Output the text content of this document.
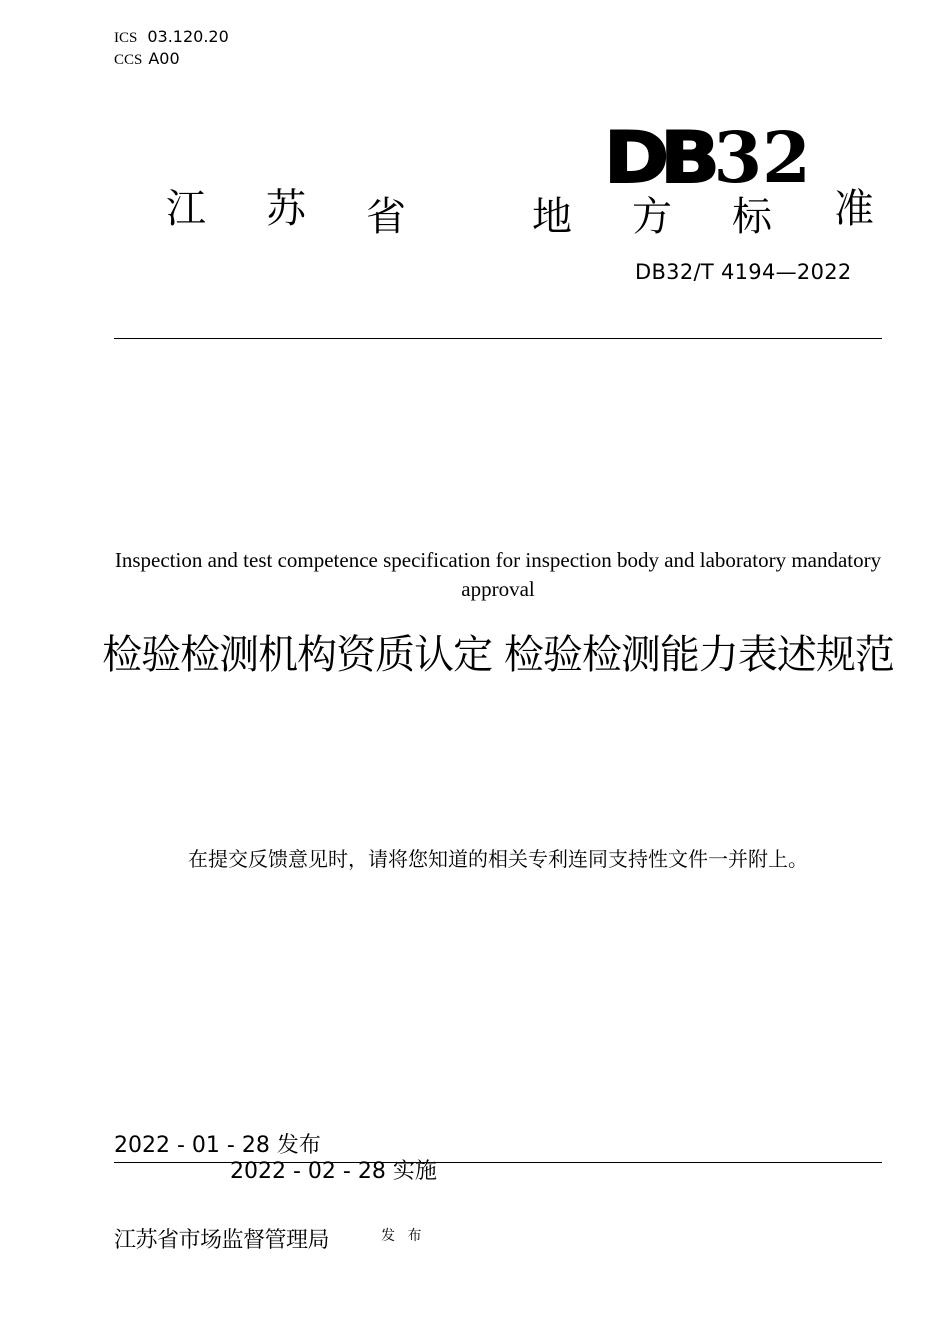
ICS 03.120.20
CCS A00
DB32
江 苏 省	地 方 标 准
DB32/T 4194—2022
Inspection and test competence specification for inspection body and laboratory mandatory approval
检验检测机构资质认定 检验检测能力表述规范
在提交反馈意见时，请将您知道的相关专利连同支持性文件一并附上。
2022 - 01 - 28 发布
2022 - 02 - 28 实施
江苏省市场监督管理局	发 布
